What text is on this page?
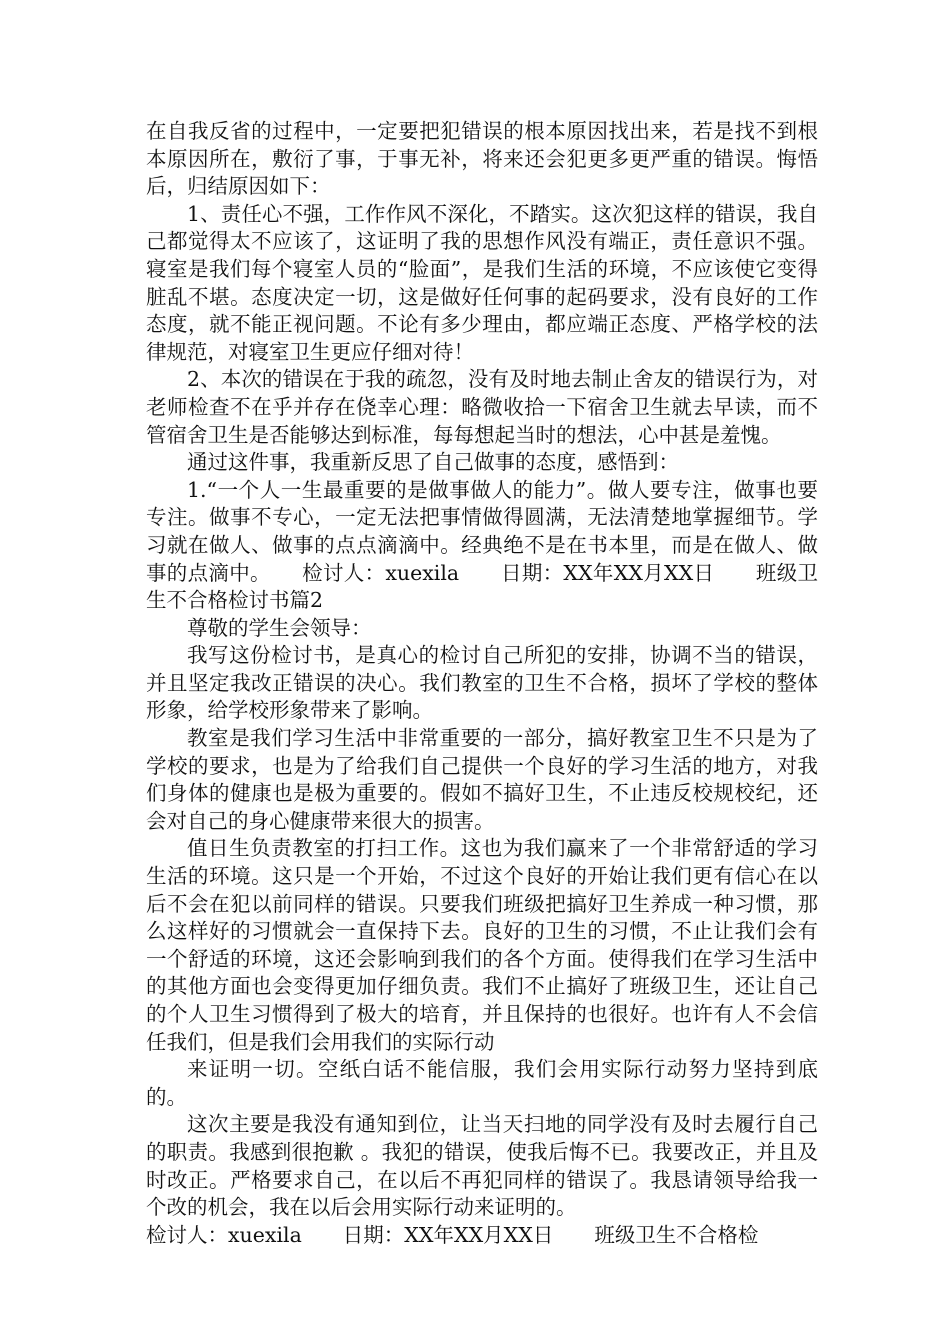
在自我反省的过程中，一定要把犯错误的根本原因找出来，若是找不到根本原因所在，敷衍了事，于事无补，将来还会犯更多更严重的错误。悔悟后，归结原因如下：

1、责任心不强，工作作风不深化，不踏实。这次犯这样的错误，我自己都觉得太不应该了，这证明了我的思想作风没有端正，责任意识不强。寝室是我们每个寝室人员的“脸面”，是我们生活的环境，不应该使它变得脏乱不堪。态度决定一切，这是做好任何事的起码要求，没有良好的工作态度，就不能正视问题。不论有多少理由，都应端正态度、严格学校的法律规范，对寝室卫生更应仔细对待！

2、本次的错误在于我的疏忽，没有及时地去制止舍友的错误行为，对老师检查不在乎并存在侥幸心理：略微收拾一下宿舍卫生就去早读，而不管宿舍卫生是否能够达到标准，每每想起当时的想法，心中甚是羞愧。

通过这件事，我重新反思了自己做事的态度，感悟到：

1.“一个人一生最重要的是做事做人的能力”。做人要专注，做事也要专注。做事不专心，一定无法把事情做得圆满，无法清楚地掌握细节。学习就在做人、做事的点点滴滴中。经典绝不是在书本里，而是在做人、做事的点滴中。　　检讨人：xuexila　　日期：XX年XX月XX日　　班级卫生不合格检讨书篇2

尊敬的学生会领导：

我写这份检讨书，是真心的检讨自己所犯的安排，协调不当的错误，并且坚定我改正错误的决心。我们教室的卫生不合格，损坏了学校的整体形象，给学校形象带来了影响。

教室是我们学习生活中非常重要的一部分，搞好教室卫生不只是为了学校的要求，也是为了给我们自己提供一个良好的学习生活的地方，对我们身体的健康也是极为重要的。假如不搞好卫生，不止违反校规校纪，还会对自己的身心健康带来很大的损害。

值日生负责教室的打扫工作。这也为我们赢来了一个非常舒适的学习生活的环境。这只是一个开始，不过这个良好的开始让我们更有信心在以后不会在犯以前同样的错误。只要我们班级把搞好卫生养成一种习惯，那么这样好的习惯就会一直保持下去。良好的卫生的习惯，不止让我们会有一个舒适的环境，这还会影响到我们的各个方面。使得我们在学习生活中的其他方面也会变得更加仔细负责。我们不止搞好了班级卫生，还让自己的个人卫生习惯得到了极大的培育，并且保持的也很好。也许有人不会信任我们，但是我们会用我们的实际行动

来证明一切。空纸白话不能信服，我们会用实际行动努力坚持到底的。

这次主要是我没有通知到位，让当天扫地的同学没有及时去履行自己的职责。我感到很抱歉 。我犯的错误，使我后悔不已。我要改正，并且及时改正。严格要求自己，在以后不再犯同样的错误了。我恳请领导给我一个改的机会，我在以后会用实际行动来证明的。

检讨人：xuexila　　日期：XX年XX月XX日　　班级卫生不合格检
